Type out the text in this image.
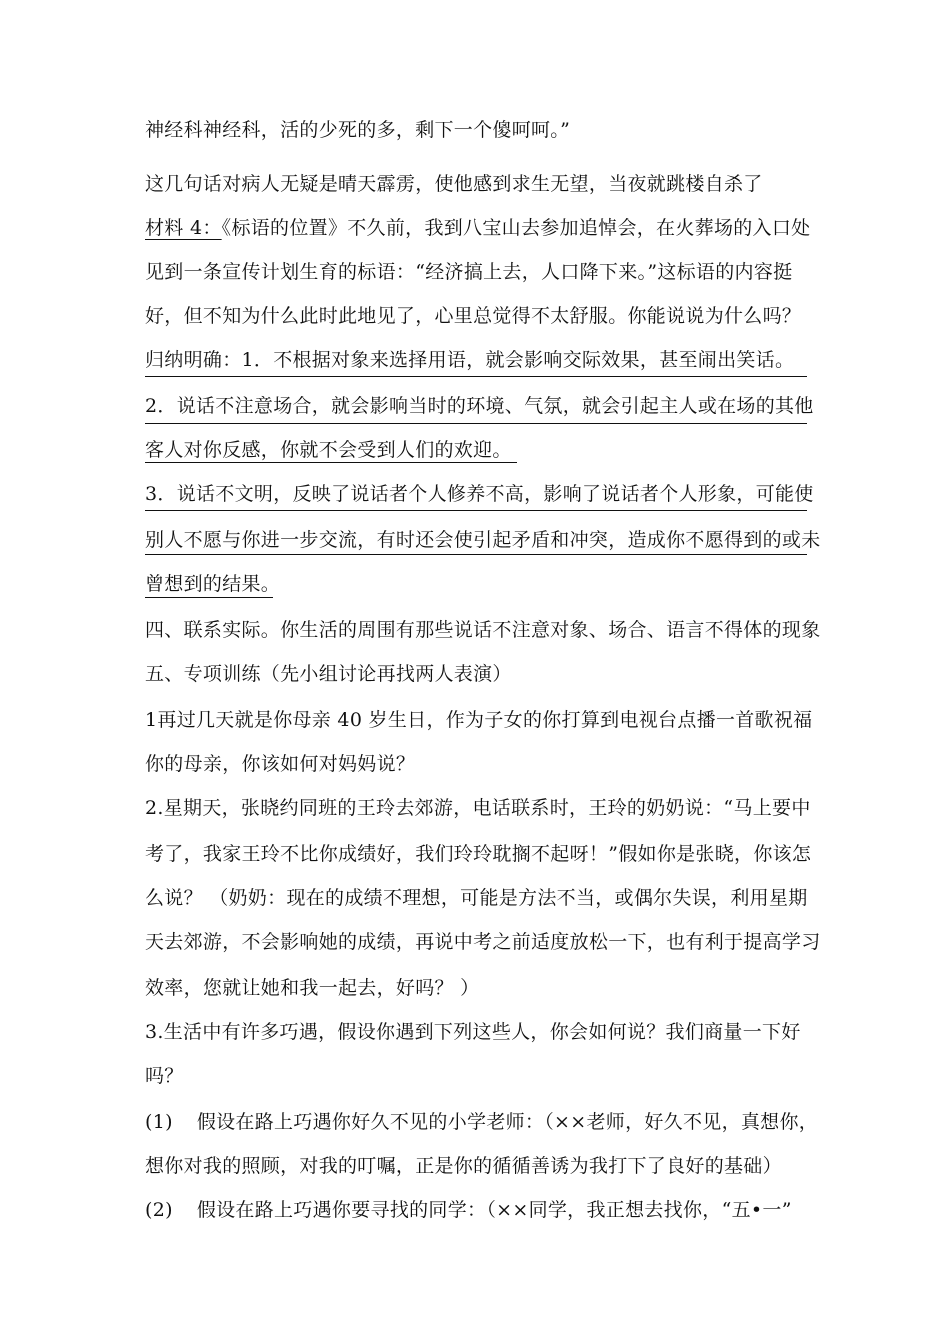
神经科神经科，活的少死的多，剩下一个傻呵呵。”
这几句话对病人无疑是晴天霹雳，使他感到求生无望，当夜就跳楼自杀了
材料 4：《标语的位置》不久前，我到八宝山去参加追悼会，在火葬场的入口处
见到一条宣传计划生育的标语：“经济搞上去，人口降下来。”这标语的内容挺
好，但不知为什么此时此地见了，心里总觉得不太舒服。你能说说为什么吗？
归纳明确：1．不根据对象来选择用语，就会影响交际效果，甚至闹出笑话。
2．说话不注意场合，就会影响当时的环境、气氛，就会引起主人或在场的其他
客人对你反感，你就不会受到人们的欢迎。
3．说话不文明，反映了说话者个人修养不高，影响了说话者个人形象，可能使
别人不愿与你进一步交流，有时还会使引起矛盾和冲突，造成你不愿得到的或未
曾想到的结果。
四、联系实际。你生活的周围有那些说话不注意对象、场合、语言不得体的现象
五、专项训练（先小组讨论再找两人表演）
1再过几天就是你母亲 40 岁生日，作为子女的你打算到电视台点播一首歌祝福
你的母亲，你该如何对妈妈说？
2.星期天，张晓约同班的王玲去郊游，电话联系时，王玲的奶奶说：“马上要中
考了，我家王玲不比你成绩好，我们玲玲耽搁不起呀！”假如你是张晓，你该怎
么说？ （奶奶：现在的成绩不理想，可能是方法不当，或偶尔失误，利用星期
天去郊游，不会影响她的成绩，再说中考之前适度放松一下，也有利于提高学习
效率，您就让她和我一起去，好吗？ ）
3.生活中有许多巧遇，假设你遇到下列这些人，你会如何说？我们商量一下好
吗？
(1) 假设在路上巧遇你好久不见的小学老师：（××老师，好久不见，真想你，
想你对我的照顾，对我的叮嘱，正是你的循循善诱为我打下了良好的基础）
(2) 假设在路上巧遇你要寻找的同学：（××同学，我正想去找你，“五•一”
